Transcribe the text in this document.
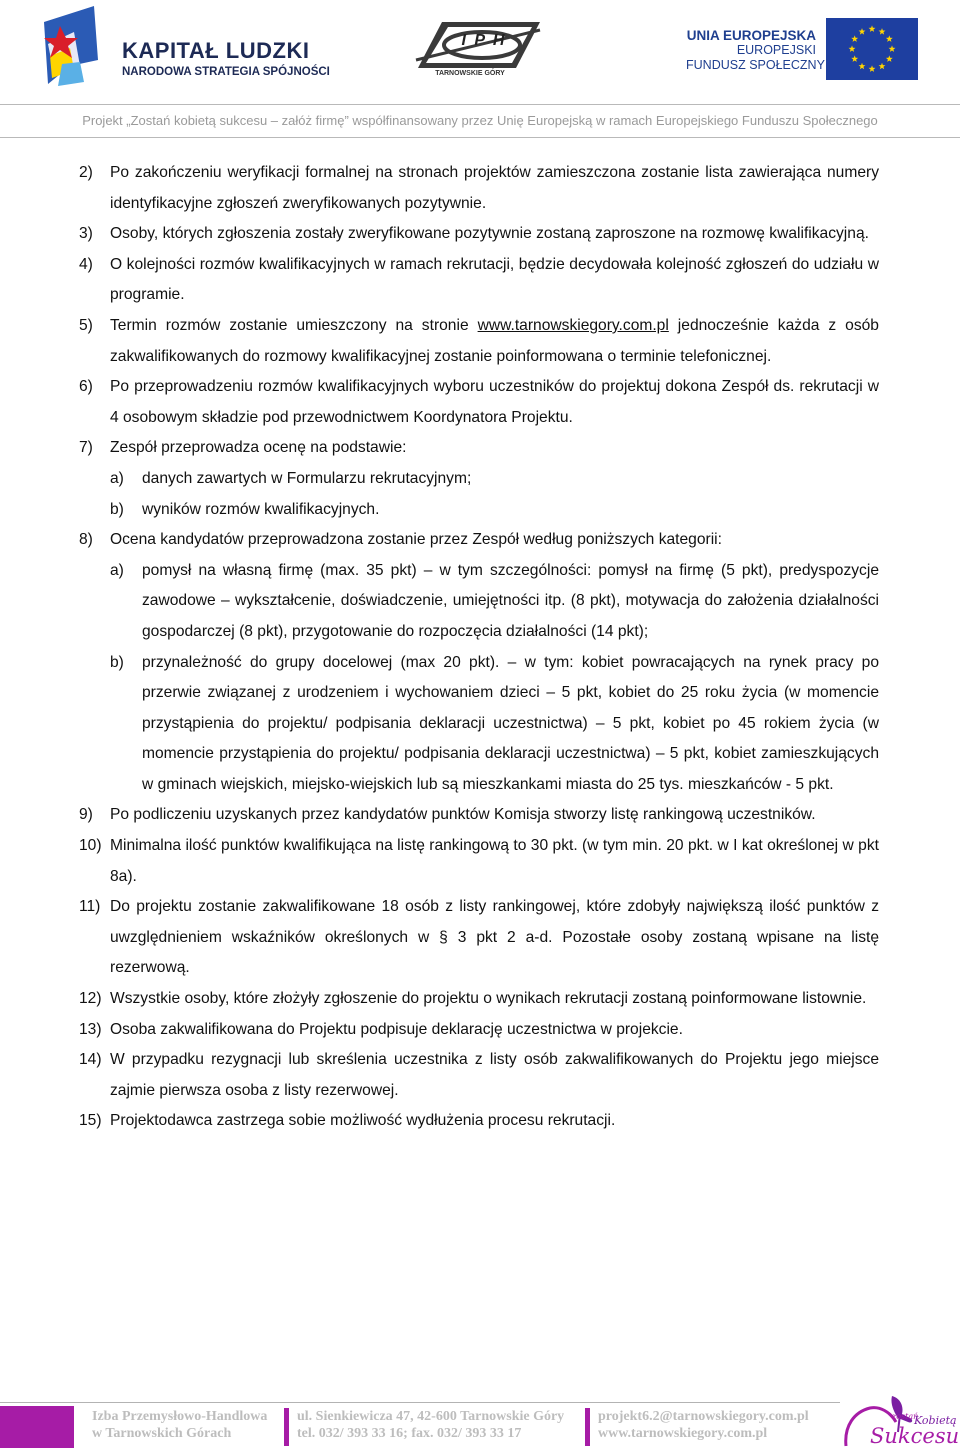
KAPITAŁ LUDZKI
NARODOWA STRATEGIA SPÓJNOŚCI
I P H
TARNOWSKIE GÓRY
UNIA EUROPEJSKA
EUROPEJSKI
FUNDUSZ SPOŁECZNY
Projekt „Zostań kobietą sukcesu – załóż firmę” współfinansowany przez Unię Europejską w ramach Europejskiego Funduszu Społecznego
2) Po zakończeniu weryfikacji formalnej na stronach projektów zamieszczona zostanie lista zawierająca numery identyfikacyjne zgłoszeń zweryfikowanych pozytywnie.
3) Osoby, których zgłoszenia zostały zweryfikowane pozytywnie zostaną zaproszone na rozmowę kwalifikacyjną.
4) O kolejności rozmów kwalifikacyjnych w ramach rekrutacji, będzie decydowała kolejność zgłoszeń do udziału w programie.
5) Termin rozmów zostanie umieszczony na stronie www.tarnowskiegory.com.pl jednocześnie każda z osób zakwalifikowanych do rozmowy kwalifikacyjnej zostanie poinformowana o terminie telefonicznej.
6) Po przeprowadzeniu rozmów kwalifikacyjnych wyboru uczestników do projektuj dokona Zespół ds. rekrutacji w 4 osobowym składzie pod przewodnictwem Koordynatora Projektu.
7) Zespół przeprowadza ocenę na podstawie:
a) danych zawartych w Formularzu rekrutacyjnym;
b) wyników rozmów kwalifikacyjnych.
8) Ocena kandydatów przeprowadzona zostanie przez Zespół według poniższych kategorii:
a) pomysł na własną firmę (max. 35 pkt) – w tym szczególności: pomysł na firmę (5 pkt), predyspozycje zawodowe – wykształcenie, doświadczenie, umiejętności itp. (8 pkt), motywacja do założenia działalności gospodarczej (8 pkt), przygotowanie do rozpoczęcia działalności (14 pkt);
b) przynależność do grupy docelowej (max 20 pkt). – w tym: kobiet powracających na rynek pracy po przerwie związanej z urodzeniem i wychowaniem dzieci – 5 pkt, kobiet do 25 roku życia (w momencie przystąpienia do projektu/ podpisania deklaracji uczestnictwa) – 5 pkt, kobiet po 45 rokiem życia (w momencie przystąpienia do projektu/ podpisania deklaracji uczestnictwa) – 5 pkt, kobiet zamieszkujących w gminach wiejskich, miejsko-wiejskich lub są mieszkankami miasta do 25 tys. mieszkańców - 5 pkt.
9) Po podliczeniu uzyskanych przez kandydatów punktów Komisja stworzy listę rankingową uczestników.
10) Minimalna ilość punktów kwalifikująca na listę rankingową to 30 pkt. (w tym min. 20 pkt. w I kat określonej w pkt 8a).
11) Do projektu zostanie zakwalifikowane 18 osób z listy rankingowej, które zdobyły największą ilość punktów z uwzględnieniem wskaźników określonych w § 3 pkt 2 a-d. Pozostałe osoby zostaną wpisane na listę rezerwową.
12) Wszystkie osoby, które złożyły zgłoszenie do projektu o wynikach rekrutacji zostaną poinformowane listownie.
13) Osoba zakwalifikowana do Projektu podpisuje deklarację uczestnictwa w projekcie.
14) W przypadku rezygnacji lub skreślenia uczestnika z listy osób zakwalifikowanych do Projektu jego miejsce zajmie pierwsza osoba z listy rezerwowej.
15) Projektodawca zastrzega sobie możliwość wydłużenia procesu rekrutacji.
Izba Przemysłowo-Handlowa
w Tarnowskich Górach
ul. Sienkiewicza 47, 42-600 Tarnowskie Góry
tel. 032/ 393 33 16; fax. 032/ 393 33 17
projekt6.2@tarnowskiegory.com.pl
www.tarnowskiegory.com.pl
zostań
Kobietą
Sukcesu
